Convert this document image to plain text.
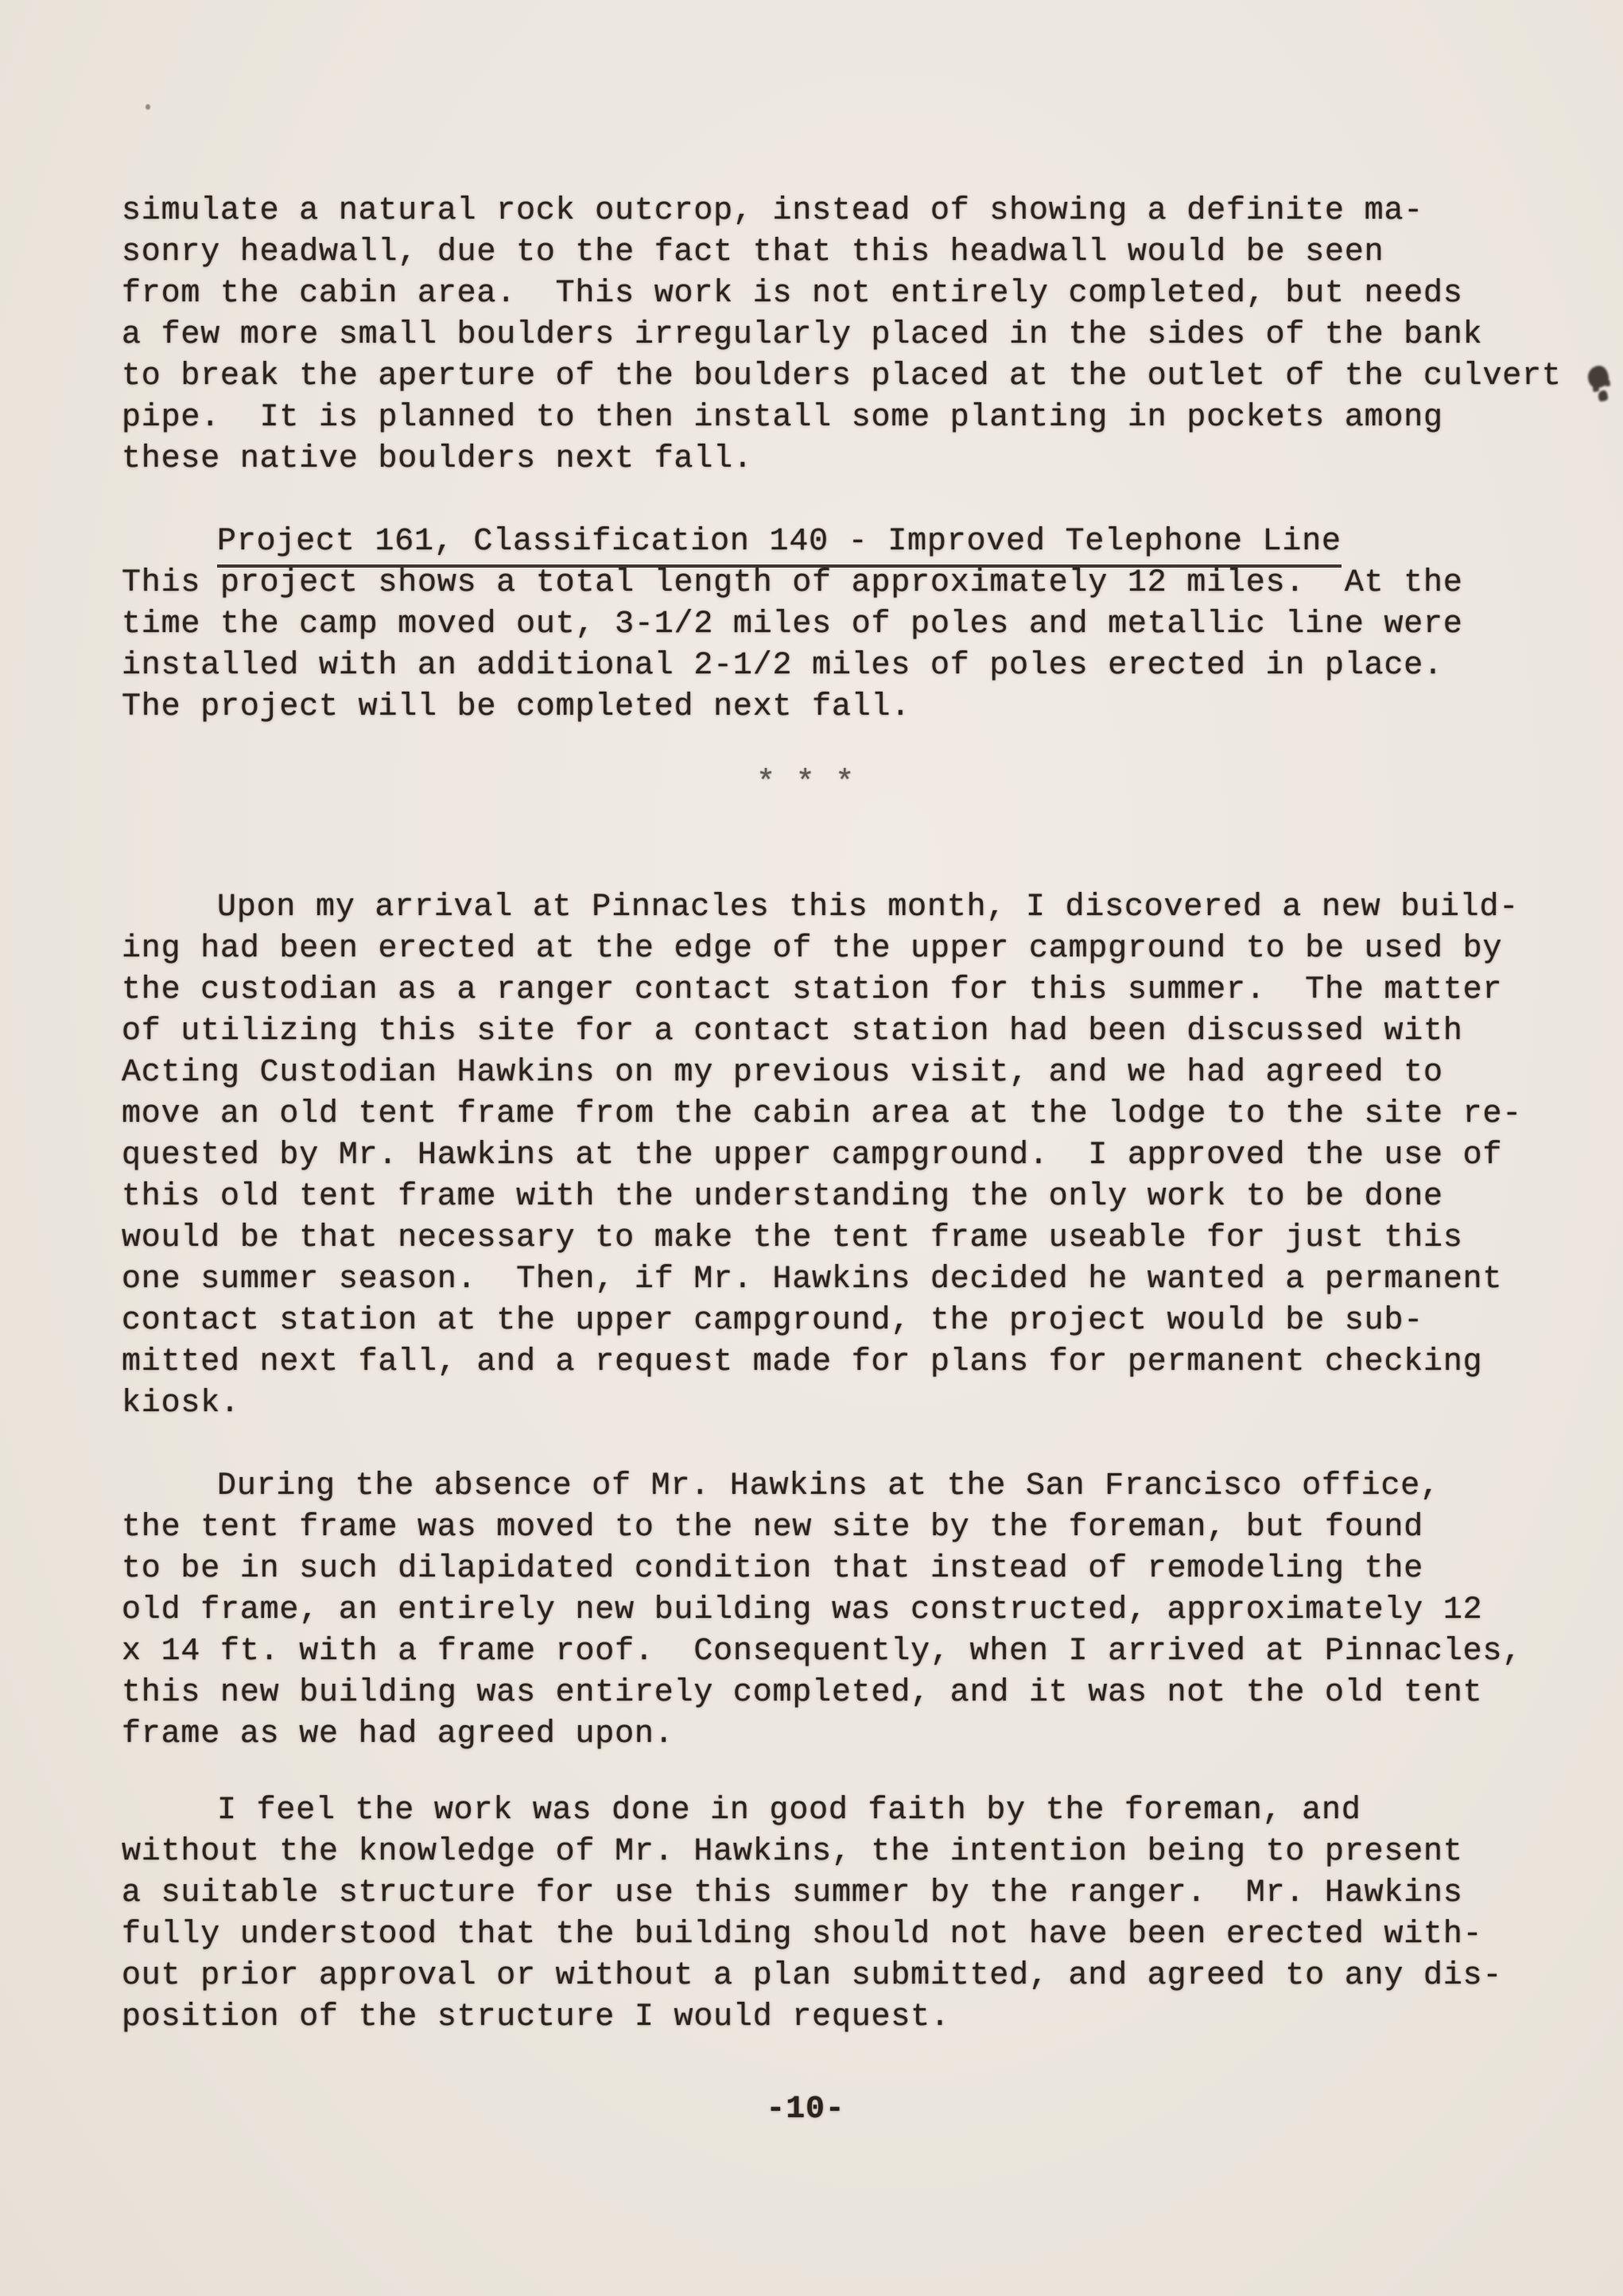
simulate a natural rock outcrop, instead of showing a definite ma-
sonry headwall, due to the fact that this headwall would be seen
from the cabin area.  This work is not entirely completed, but needs
a few more small boulders irregularly placed in the sides of the bank
to break the aperture of the boulders placed at the outlet of the culvert
pipe.  It is planned to then install some planting in pockets among
these native boulders next fall.
Project 161, Classification 140 - Improved Telephone Line
This project shows a total length of approximately 12 miles.  At the
time the camp moved out, 3-1/2 miles of poles and metallic line were
installed with an additional 2-1/2 miles of poles erected in place.
The project will be completed next fall.
* * *
Upon my arrival at Pinnacles this month, I discovered a new build-
ing had been erected at the edge of the upper campground to be used by
the custodian as a ranger contact station for this summer.  The matter
of utilizing this site for a contact station had been discussed with
Acting Custodian Hawkins on my previous visit, and we had agreed to
move an old tent frame from the cabin area at the lodge to the site re-
quested by Mr. Hawkins at the upper campground.  I approved the use of
this old tent frame with the understanding the only work to be done
would be that necessary to make the tent frame useable for just this
one summer season.  Then, if Mr. Hawkins decided he wanted a permanent
contact station at the upper campground, the project would be sub-
mitted next fall, and a request made for plans for permanent checking
kiosk.
During the absence of Mr. Hawkins at the San Francisco office,
the tent frame was moved to the new site by the foreman, but found
to be in such dilapidated condition that instead of remodeling the
old frame, an entirely new building was constructed, approximately 12
x 14 ft. with a frame roof.  Consequently, when I arrived at Pinnacles,
this new building was entirely completed, and it was not the old tent
frame as we had agreed upon.
I feel the work was done in good faith by the foreman, and
without the knowledge of Mr. Hawkins, the intention being to present
a suitable structure for use this summer by the ranger.  Mr. Hawkins
fully understood that the building should not have been erected with-
out prior approval or without a plan submitted, and agreed to any dis-
position of the structure I would request.
-10-
